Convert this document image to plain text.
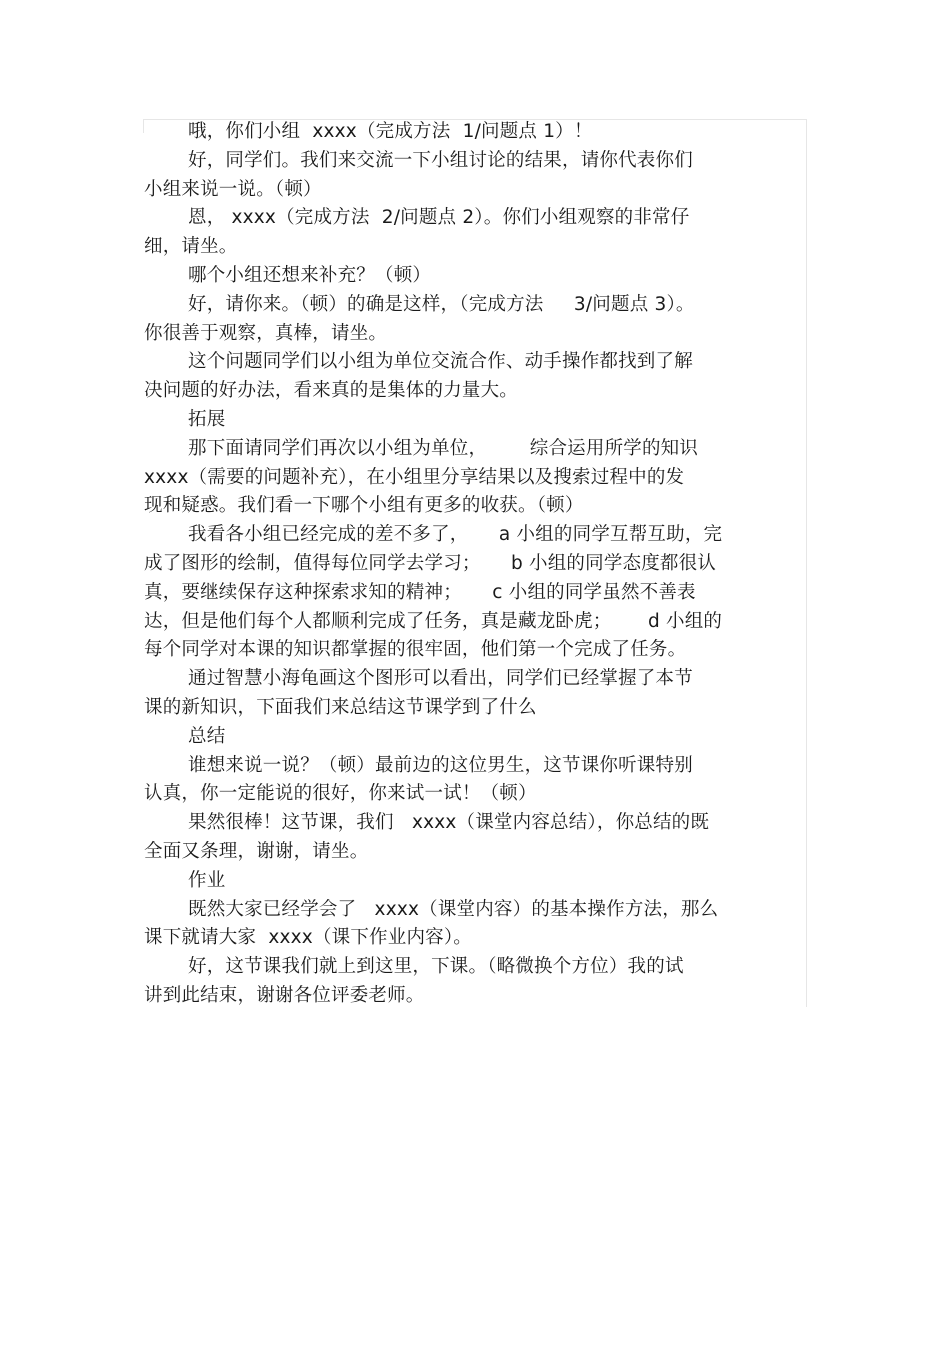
哦，你们小组  xxxx（完成方法  1/问题点 1）！
好，同学们。我们来交流一下小组讨论的结果，请你代表你们
小组来说一说。（顿）
恩， xxxx（完成方法  2/问题点 2）。你们小组观察的非常仔
细，请坐。
哪个小组还想来补充？（顿）
好，请你来。（顿）的确是这样，（完成方法     3/问题点 3）。
你很善于观察，真棒，请坐。
这个问题同学们以小组为单位交流合作、动手操作都找到了解
决问题的好办法，看来真的是集体的力量大。
拓展
那下面请同学们再次以小组为单位，       综合运用所学的知识
xxxx（需要的问题补充），在小组里分享结果以及搜索过程中的发
现和疑惑。我们看一下哪个小组有更多的收获。（顿）
我看各小组已经完成的差不多了，     a 小组的同学互帮互助，完
成了图形的绘制，值得每位同学去学习；     b 小组的同学态度都很认
真，要继续保存这种探索求知的精神；     c 小组的同学虽然不善表
达，但是他们每个人都顺利完成了任务，真是藏龙卧虎；      d 小组的
每个同学对本课的知识都掌握的很牢固，他们第一个完成了任务。
通过智慧小海龟画这个图形可以看出，同学们已经掌握了本节
课的新知识，下面我们来总结这节课学到了什么
总结
谁想来说一说？（顿）最前边的这位男生，这节课你听课特别
认真，你一定能说的很好，你来试一试！（顿）
果然很棒！这节课，我们   xxxx（课堂内容总结），你总结的既
全面又条理，谢谢，请坐。
作业
既然大家已经学会了   xxxx（课堂内容）的基本操作方法，那么
课下就请大家  xxxx（课下作业内容）。
好，这节课我们就上到这里，下课。（略微换个方位）我的试
讲到此结束，谢谢各位评委老师。
